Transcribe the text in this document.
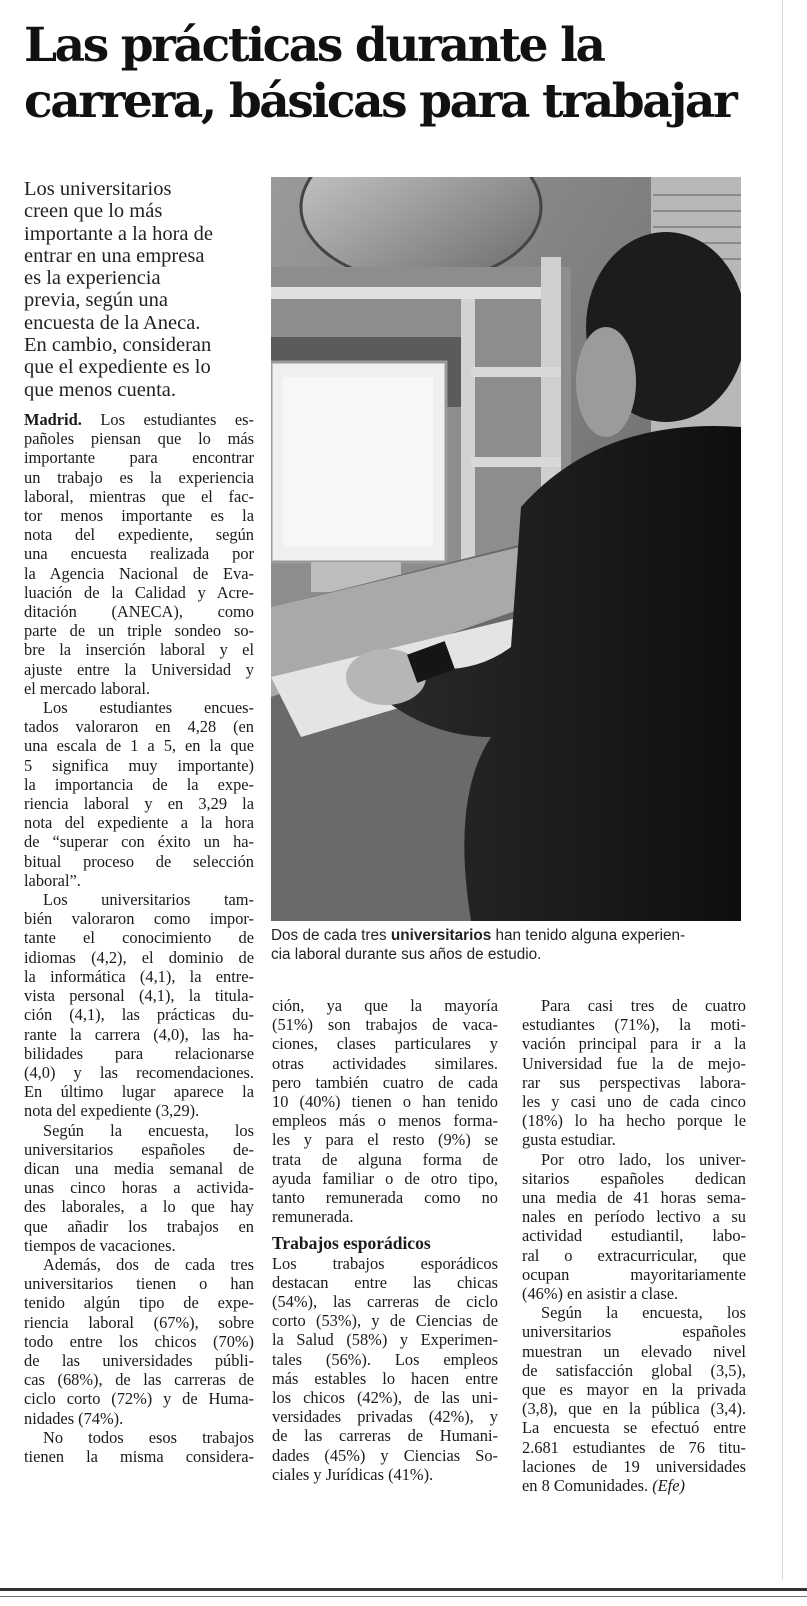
Las prácticas durante la
carrera, básicas para trabajar
Los universitarios
creen que lo más
importante a la hora de
entrar en una empresa
es la experiencia
previa, según una
encuesta de la Aneca.
En cambio, consideran
que el expediente es lo
que menos cuenta.
Dos de cada tres universitarios han tenido alguna experien-
cia laboral durante sus años de estudio.
Madrid. Los estudiantes es-
pañoles piensan que lo más
importante para encontrar
un trabajo es la experiencia
laboral, mientras que el fac-
tor menos importante es la
nota del expediente, según
una encuesta realizada por
la Agencia Nacional de Eva-
luación de la Calidad y Acre-
ditación (ANECA), como
parte de un triple sondeo so-
bre la inserción laboral y el
ajuste entre la Universidad y
el mercado laboral.
Los estudiantes encues-
tados valoraron en 4,28 (en
una escala de 1 a 5, en la que
5 significa muy importante)
la importancia de la expe-
riencia laboral y en 3,29 la
nota del expediente a la hora
de “superar con éxito un ha-
bitual proceso de selección
laboral”.
Los universitarios tam-
bién valoraron como impor-
tante el conocimiento de
idiomas (4,2), el dominio de
la informática (4,1), la entre-
vista personal (4,1), la titula-
ción (4,1), las prácticas du-
rante la carrera (4,0), las ha-
bilidades para relacionarse
(4,0) y las recomendaciones.
En último lugar aparece la
nota del expediente (3,29).
Según la encuesta, los
universitarios españoles de-
dican una media semanal de
unas cinco horas a activida-
des laborales, a lo que hay
que añadir los trabajos en
tiempos de vacaciones.
Además, dos de cada tres
universitarios tienen o han
tenido algún tipo de expe-
riencia laboral (67%), sobre
todo entre los chicos (70%)
de las universidades públi-
cas (68%), de las carreras de
ciclo corto (72%) y de Huma-
nidades (74%).
No todos esos trabajos
tienen la misma considera-
ción, ya que la mayoría
(51%) son trabajos de vaca-
ciones, clases particulares y
otras actividades similares.
pero también cuatro de cada
10 (40%) tienen o han tenido
empleos más o menos forma-
les y para el resto (9%) se
trata de alguna forma de
ayuda familiar o de otro tipo,
tanto remunerada como no
remunerada.
Trabajos esporádicos
Los trabajos esporádicos
destacan entre las chicas
(54%), las carreras de ciclo
corto (53%), y de Ciencias de
la Salud (58%) y Experimen-
tales (56%). Los empleos
más estables lo hacen entre
los chicos (42%), de las uni-
versidades privadas (42%), y
de las carreras de Humani-
dades (45%) y Ciencias So-
ciales y Jurídicas (41%).
Para casi tres de cuatro
estudiantes (71%), la moti-
vación principal para ir a la
Universidad fue la de mejo-
rar sus perspectivas labora-
les y casi uno de cada cinco
(18%) lo ha hecho porque le
gusta estudiar.
Por otro lado, los univer-
sitarios españoles dedican
una media de 41 horas sema-
nales en período lectivo a su
actividad estudiantil, labo-
ral o extracurricular, que
ocupan mayoritariamente
(46%) en asistir a clase.
Según la encuesta, los
universitarios españoles
muestran un elevado nivel
de satisfacción global (3,5),
que es mayor en la privada
(3,8), que en la pública (3,4).
La encuesta se efectuó entre
2.681 estudiantes de 76 titu-
laciones de 19 universidades
en 8 Comunidades. (Efe)
